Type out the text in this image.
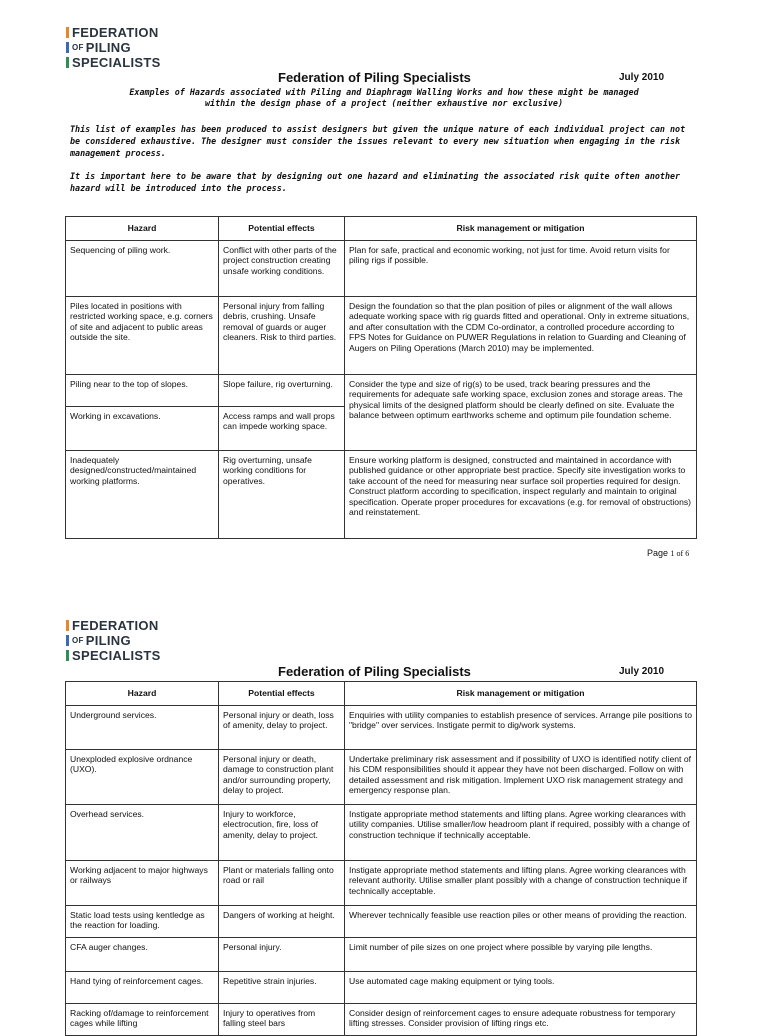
FEDERATION
OF PILING
SPECIALISTS
Federation of Piling Specialists	July 2010
Examples of Hazards associated with Piling and Diaphragm Walling Works and how these might be managed
within the design phase of a project (neither exhaustive nor exclusive)
This list of examples has been produced to assist designers but given the unique nature of each individual project can not be considered exhaustive. The designer must consider the issues relevant to every new situation when engaging in the risk management process.
It is important here to be aware that by designing out one hazard and eliminating the associated risk quite often another hazard will be introduced into the process.
Hazard	Potential effects	Risk management or mitigation
Sequencing of piling work.	Conflict with other parts of the project construction creating unsafe working conditions.	Plan for safe, practical and economic working, not just for time. Avoid return visits for piling rigs if possible.
Piles located in positions with restricted working space, e.g. corners of site and adjacent to public areas outside the site.	Personal injury from falling debris, crushing. Unsafe removal of guards or auger cleaners. Risk to third parties.	Design the foundation so that the plan position of piles or alignment of the wall allows adequate working space with rig guards fitted and operational. Only in extreme situations, and after consultation with the CDM Co-ordinator, a controlled procedure according to FPS Notes for Guidance on PUWER Regulations in relation to Guarding and Cleaning of Augers on Piling Operations (March 2010) may be implemented.
Piling near to the top of slopes.	Slope failure, rig overturning.	Consider the type and size of rig(s) to be used, track bearing pressures and the requirements for adequate safe working space, exclusion zones and storage areas. The physical limits of the designed platform should be clearly defined on site. Evaluate the balance between optimum earthworks scheme and optimum pile foundation scheme.
Working in excavations.	Access ramps and wall props can impede working space.	
Inadequately designed/constructed/maintained working platforms.	Rig overturning, unsafe working conditions for operatives.	Ensure working platform is designed, constructed and maintained in accordance with published guidance or other appropriate best practice. Specify site investigation works to take account of the need for measuring near surface soil properties required for design. Construct platform according to specification, inspect regularly and maintain to original specification. Operate proper procedures for excavations (e.g. for removal of obstructions) and reinstatement.
Page 1 of 6
FEDERATION
OF PILING
SPECIALISTS
Federation of Piling Specialists	July 2010
Hazard	Potential effects	Risk management or mitigation
Underground services.	Personal injury or death, loss of amenity, delay to project.	Enquiries with utility companies to establish presence of services. Arrange pile positions to "bridge" over services. Instigate permit to dig/work systems.
Unexploded explosive ordnance (UXO).	Personal injury or death, damage to construction plant and/or surrounding property, delay to project.	Undertake preliminary risk assessment and if possibility of UXO is identified notify client of his CDM responsibilities should it appear they have not been discharged. Follow on with detailed assessment and risk mitigation. Implement UXO risk management strategy and emergency response plan.
Overhead services.	Injury to workforce, electrocution, fire, loss of amenity, delay to project.	Instigate appropriate method statements and lifting plans. Agree working clearances with utility companies. Utilise smaller/low headroom plant if required, possibly with a change of construction technique if technically acceptable.
Working adjacent to major highways or railways	Plant or materials falling onto road or rail	Instigate appropriate method statements and lifting plans. Agree working clearances with relevant authority. Utilise smaller plant possibly with a change of construction technique if technically acceptable.
Static load tests using kentledge as the reaction for loading.	Dangers of working at height.	Wherever technically feasible use reaction piles or other means of providing the reaction.
CFA auger changes.	Personal injury.	Limit number of pile sizes on one project where possible by varying pile lengths.
Hand tying of reinforcement cages.	Repetitive strain injuries.	Use automated cage making equipment or tying tools.
Racking of/damage to reinforcement cages while lifting	Injury to operatives from falling steel bars	Consider design of reinforcement cages to ensure adequate robustness for temporary lifting stresses. Consider provision of lifting rings etc.
